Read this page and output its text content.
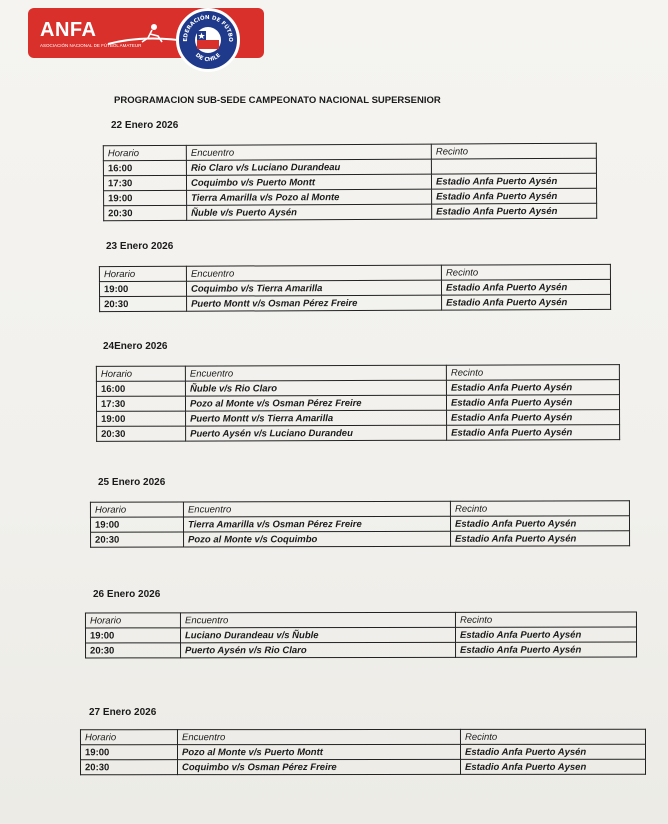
ANFA
ASOCIACIÓN NACIONAL DE FÚTBOL AMATEUR
EDERACIÓN DE FÚTBO
DE CHILE
PROGRAMACION SUB-SEDE CAMPEONATO NACIONAL SUPERSENIOR
22 Enero 2026
Horario	Encuentro	Recinto
16:00	Rio Claro v/s Luciano Durandeau	
17:30	Coquimbo v/s Puerto Montt	Estadio Anfa Puerto Aysén
19:00	Tierra Amarilla v/s Pozo al Monte	Estadio Anfa Puerto Aysén
20:30	Ñuble v/s Puerto Aysén	Estadio Anfa Puerto Aysén
23 Enero 2026
Horario	Encuentro	Recinto
19:00	Coquimbo v/s Tierra Amarilla	Estadio Anfa Puerto Aysén
20:30	Puerto Montt v/s Osman Pérez Freire	Estadio Anfa Puerto Aysén
24Enero 2026
Horario	Encuentro	Recinto
16:00	Ñuble v/s Rio Claro	Estadio Anfa Puerto Aysén
17:30	Pozo al Monte v/s Osman Pérez Freire	Estadio Anfa Puerto Aysén
19:00	Puerto Montt v/s Tierra Amarilla	Estadio Anfa Puerto Aysén
20:30	Puerto Aysén v/s Luciano Durandeu	Estadio Anfa Puerto Aysén
25 Enero 2026
Horario	Encuentro	Recinto
19:00	Tierra Amarilla v/s Osman Pérez Freire	Estadio Anfa Puerto Aysén
20:30	Pozo al Monte v/s Coquimbo	Estadio Anfa Puerto Aysén
26 Enero 2026
Horario	Encuentro	Recinto
19:00	Luciano Durandeau v/s Ñuble	Estadio Anfa Puerto Aysén
20:30	Puerto Aysén v/s Rio Claro	Estadio Anfa Puerto Aysén
27 Enero 2026
Horario	Encuentro	Recinto
19:00	Pozo al Monte v/s Puerto Montt	Estadio Anfa Puerto Aysén
20:30	Coquimbo v/s Osman Pérez Freire	Estadio Anfa Puerto Aysen
